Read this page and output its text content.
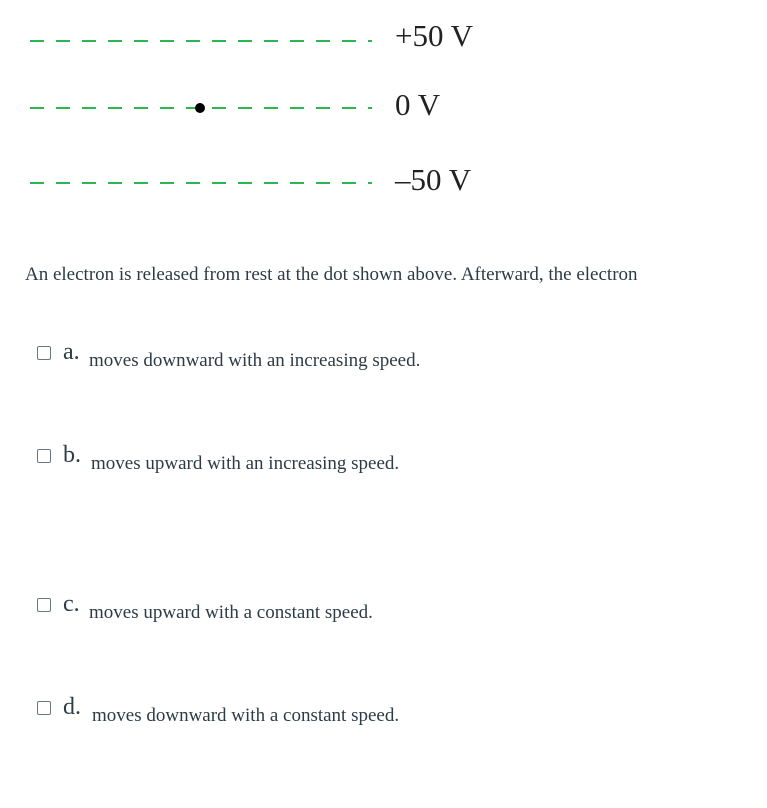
+50 V
0 V
–50 V
An electron is released from rest at the dot shown above. Afterward, the electron
a. moves downward with an increasing speed.
b. moves upward with an increasing speed.
c. moves upward with a constant speed.
d. moves downward with a constant speed.
